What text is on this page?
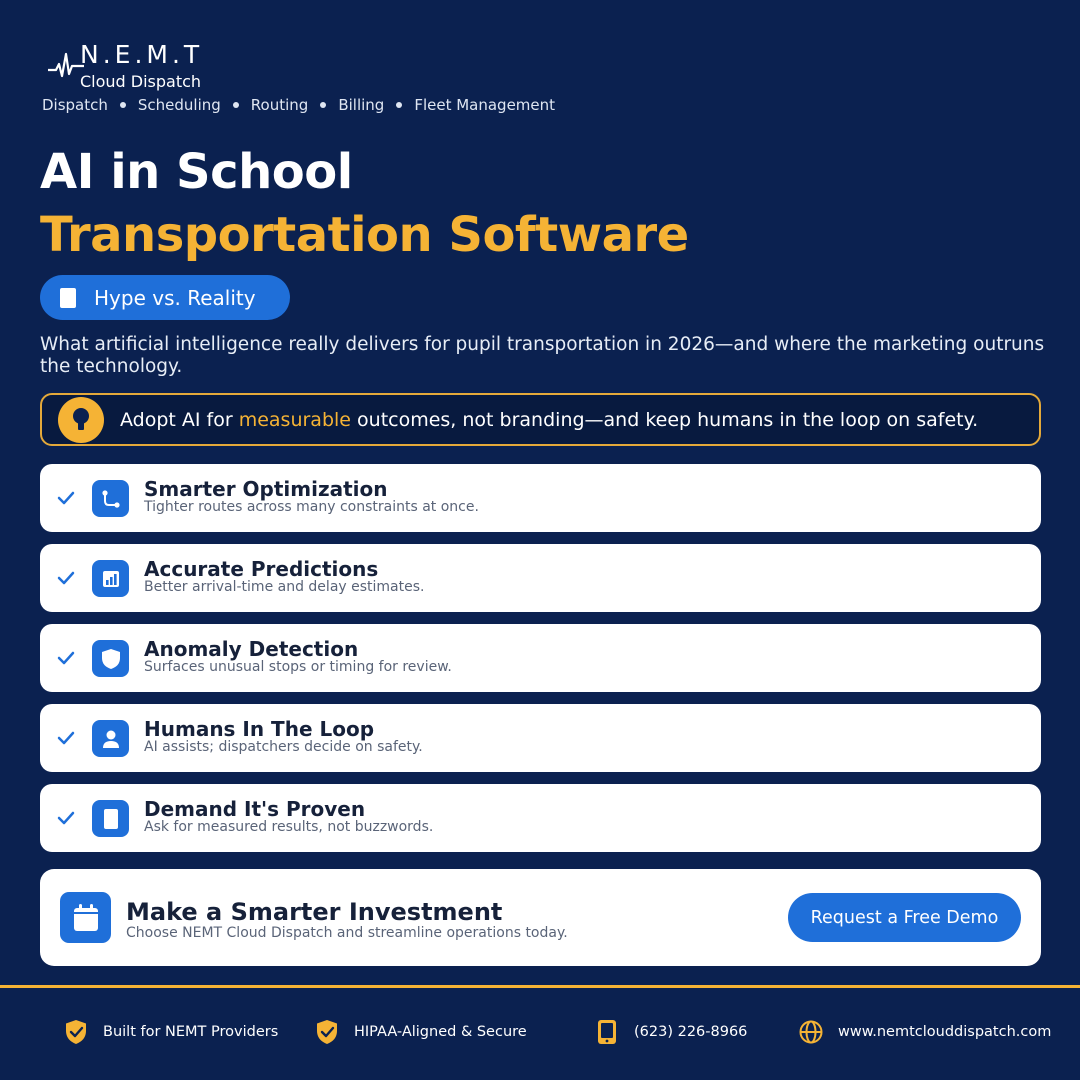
N.E.M.T
Cloud Dispatch
Dispatch Scheduling Routing Billing Fleet Management
AI in School
Transportation Software
Hype vs. Reality
What artificial intelligence really delivers for pupil transportation in 2026—and where the marketing outruns the technology.
Adopt AI for measurable outcomes, not branding—and keep humans in the loop on safety.
Smarter Optimization
Tighter routes across many constraints at once.
Accurate Predictions
Better arrival-time and delay estimates.
Anomaly Detection
Surfaces unusual stops or timing for review.
Humans In The Loop
AI assists; dispatchers decide on safety.
Demand It's Proven
Ask for measured results, not buzzwords.
Make a Smarter Investment
Choose NEMT Cloud Dispatch and streamline operations today.
Request a Free Demo
Built for NEMT Providers	HIPAA-Aligned & Secure	(623) 226-8966	www.nemtclouddispatch.com
